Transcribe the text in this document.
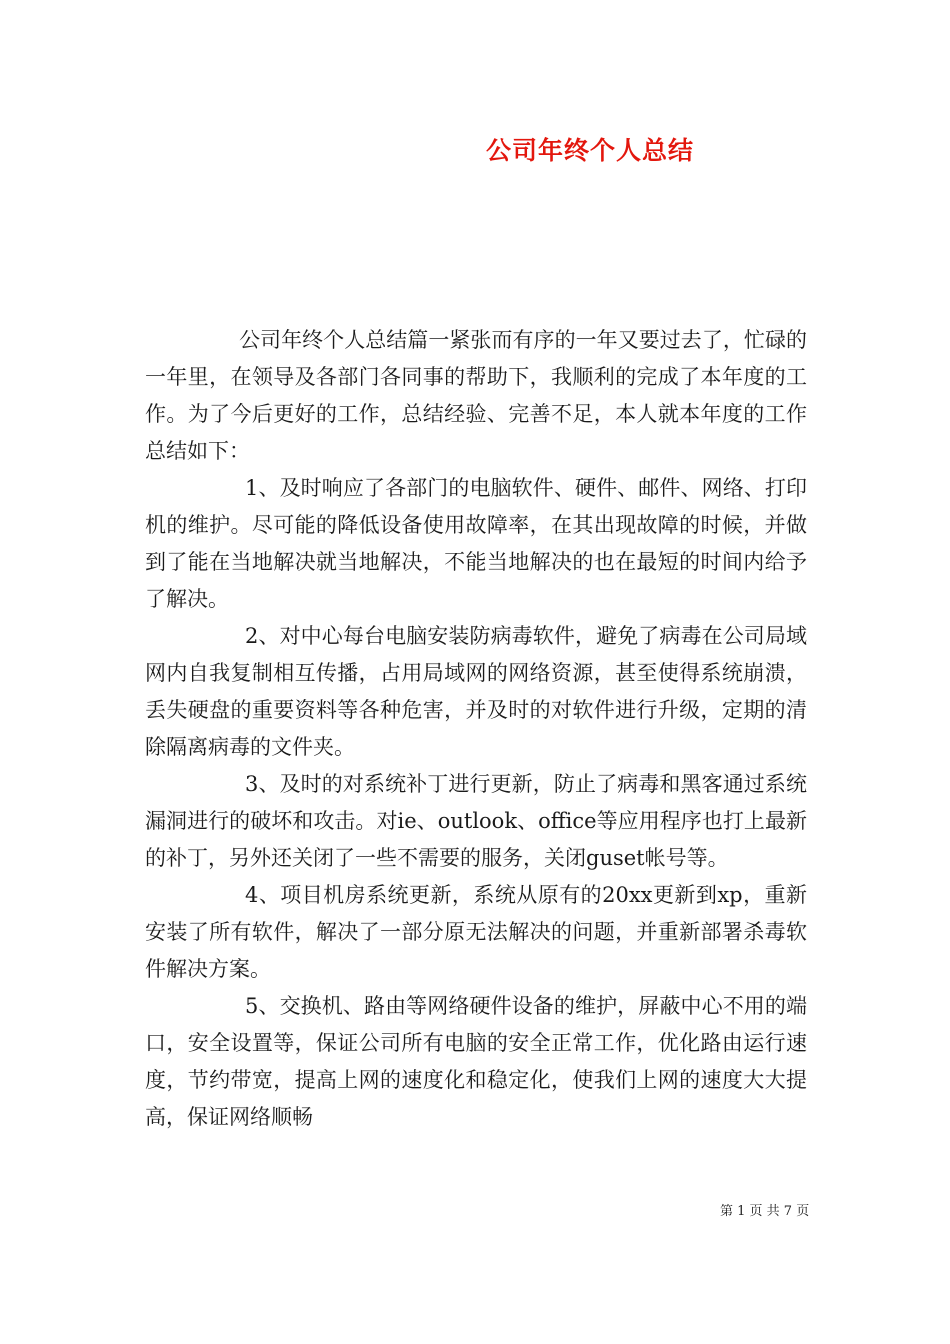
公司年终个人总结

公司年终个人总结篇一紧张而有序的一年又要过去了，忙碌的一年里，在领导及各部门各同事的帮助下，我顺利的完成了本年度的工作。为了今后更好的工作，总结经验、完善不足，本人就本年度的工作总结如下：

1、及时响应了各部门的电脑软件、硬件、邮件、网络、打印机的维护。尽可能的降低设备使用故障率，在其出现故障的时候，并做到了能在当地解决就当地解决，不能当地解决的也在最短的时间内给予了解决。

2、对中心每台电脑安装防病毒软件，避免了病毒在公司局域网内自我复制相互传播，占用局域网的网络资源，甚至使得系统崩溃，丢失硬盘的重要资料等各种危害，并及时的对软件进行升级，定期的清除隔离病毒的文件夹。

3、及时的对系统补丁进行更新，防止了病毒和黑客通过系统漏洞进行的破坏和攻击。对ie、outlook、office等应用程序也打上最新的补丁，另外还关闭了一些不需要的服务，关闭guset帐号等。

4、项目机房系统更新，系统从原有的20xx更新到xp，重新安装了所有软件，解决了一部分原无法解决的问题，并重新部署杀毒软件解决方案。

5、交换机、路由等网络硬件设备的维护，屏蔽中心不用的端口，安全设置等，保证公司所有电脑的安全正常工作，优化路由运行速度，节约带宽，提高上网的速度化和稳定化，使我们上网的速度大大提高，保证网络顺畅

第 1 页 共 7 页
